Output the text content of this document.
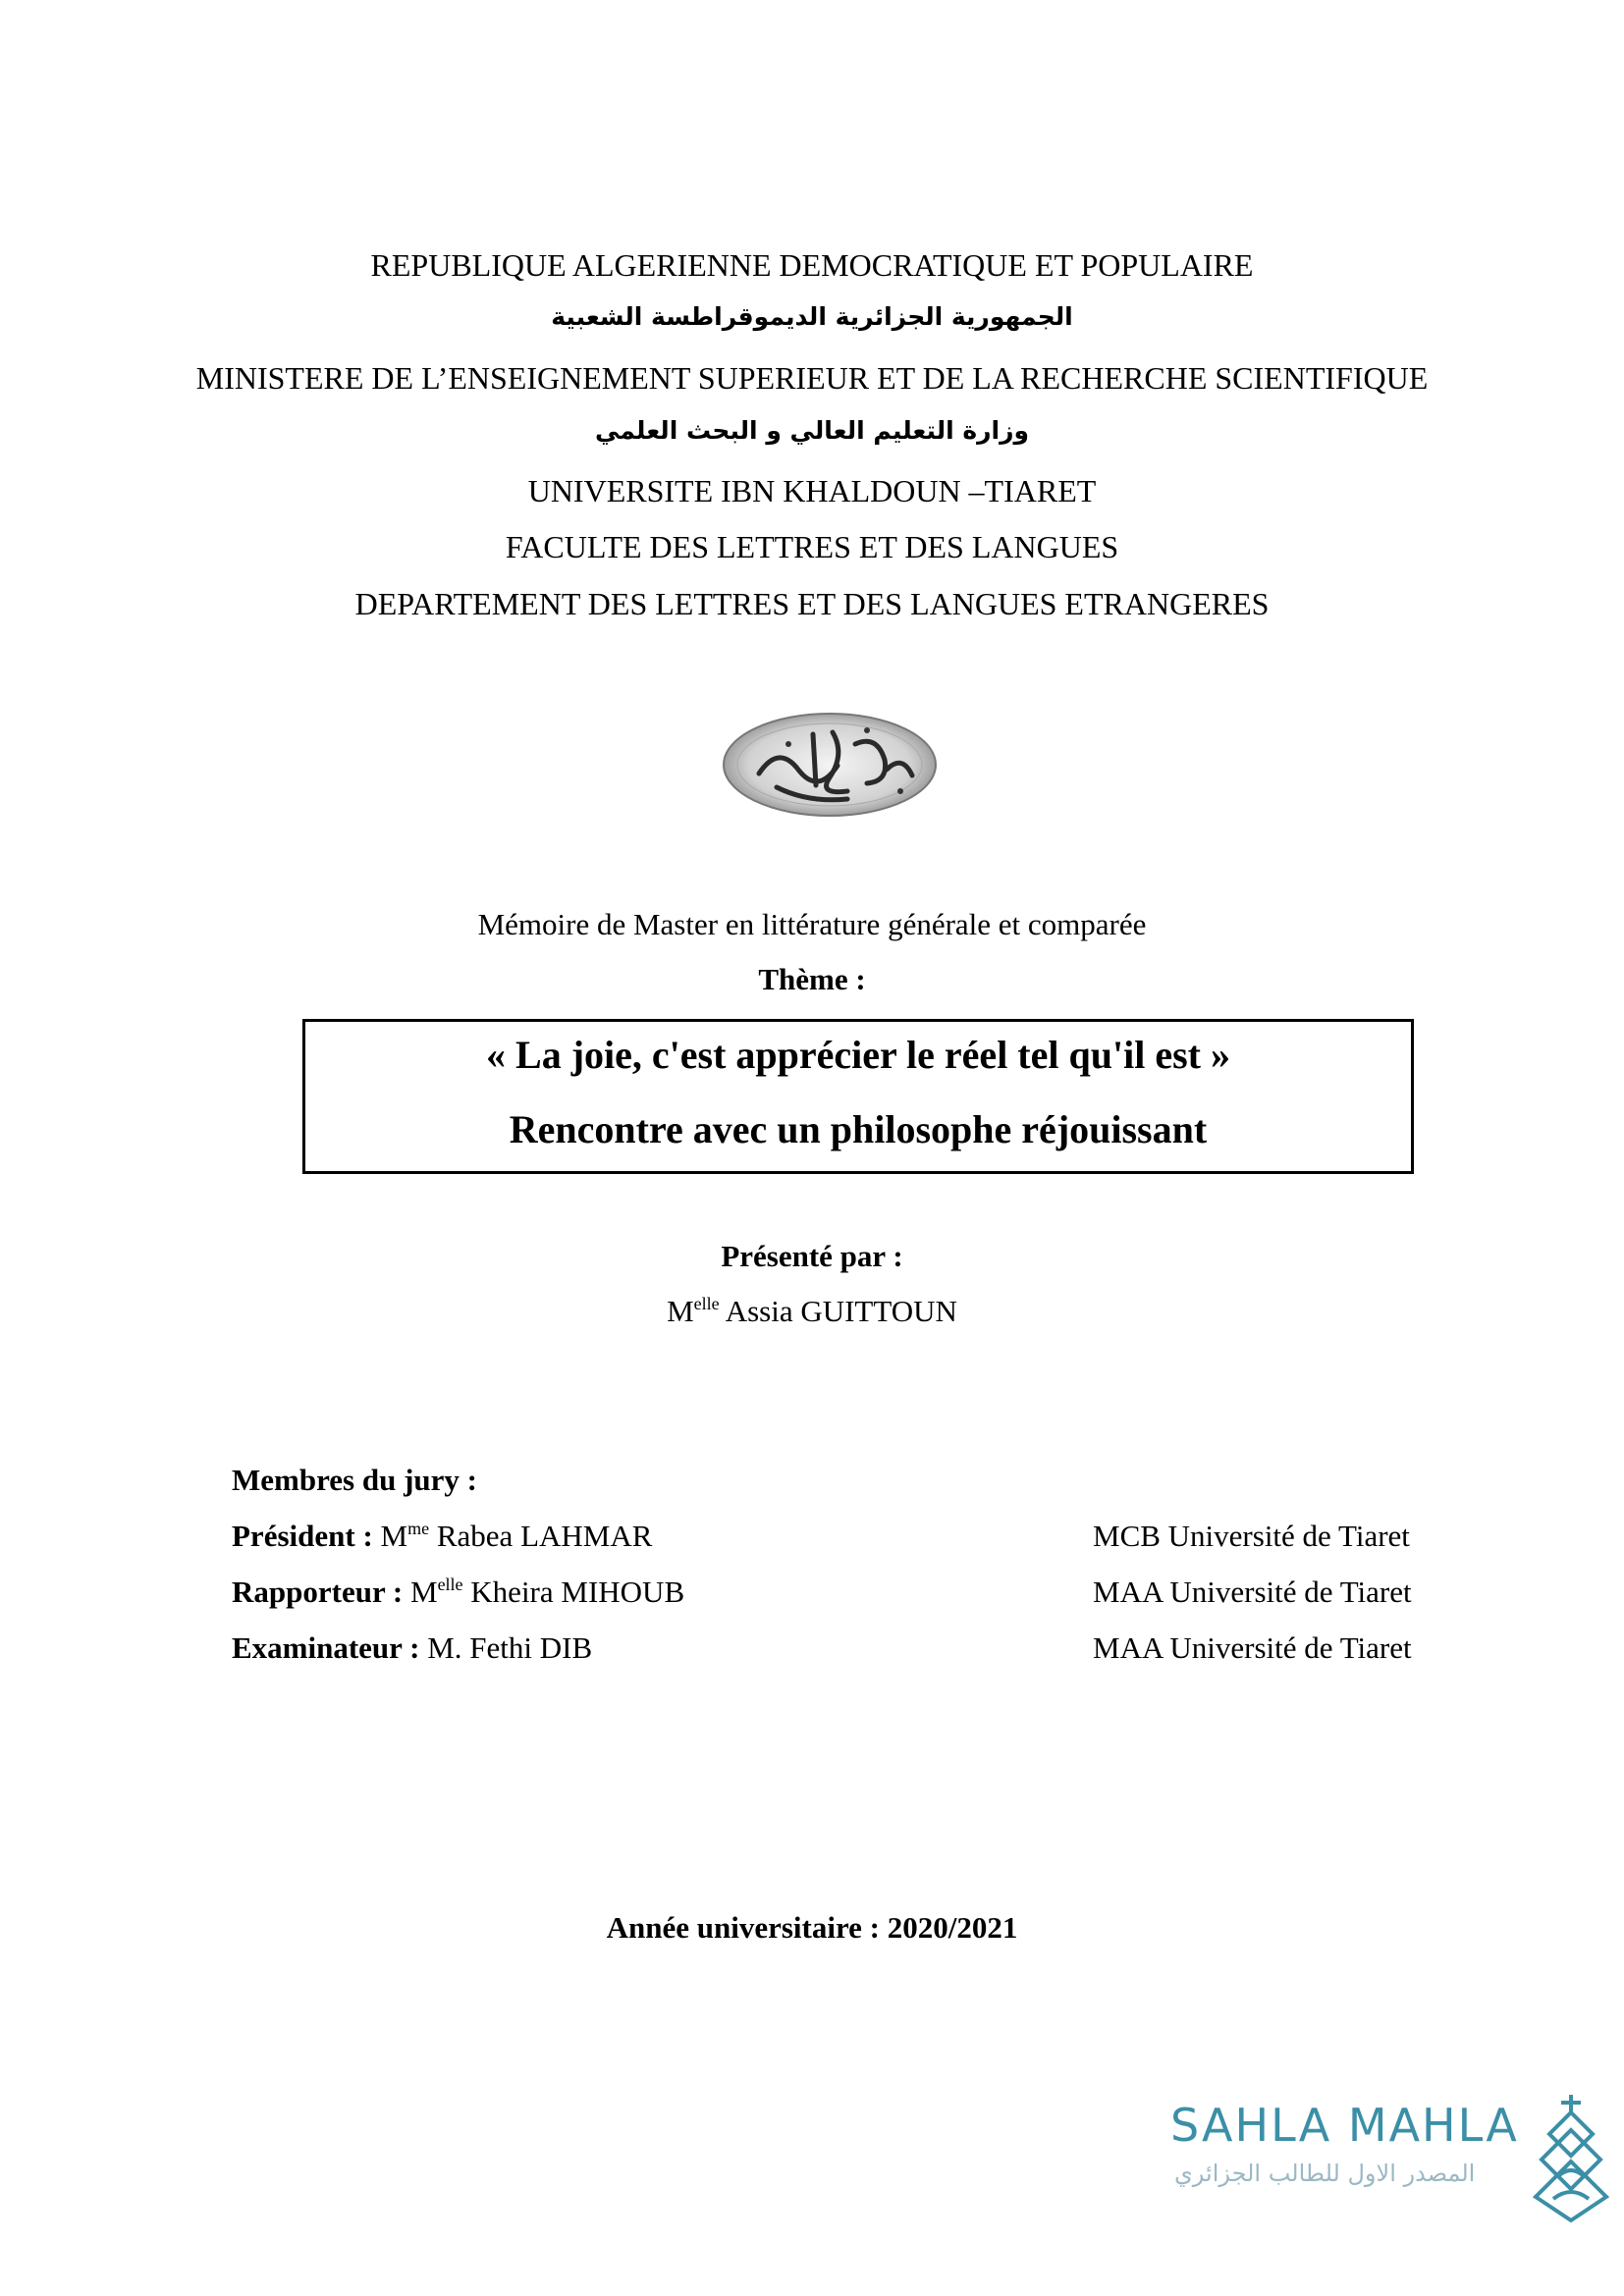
REPUBLIQUE ALGERIENNE DEMOCRATIQUE ET POPULAIRE
الجمهورية الجزائرية الديموقراطسة الشعبية
MINISTERE DE L’ENSEIGNEMENT SUPERIEUR ET DE LA RECHERCHE SCIENTIFIQUE
وزارة التعليم العالي و البحث العلمي
UNIVERSITE IBN KHALDOUN –TIARET
FACULTE DES LETTRES ET DES LANGUES
DEPARTEMENT DES LETTRES ET DES LANGUES ETRANGERES
Mémoire de Master en littérature générale et comparée
Thème :
« La joie, c'est apprécier le réel tel qu'il est »
Rencontre avec un philosophe réjouissant
Présenté par :
$M^{elle}$ Assia GUITTOUN
Membres du jury :
Président : $M^{me}$ Rabea LAHMAR	MCB Université de Tiaret
Rapporteur : $M^{elle}$ Kheira MIHOUB	MAA Université de Tiaret
Examinateur : M. Fethi DIB	MAA Université de Tiaret
Année universitaire : 2020/2021
SAHLA MAHLA
المصدر الاول للطالب الجزائري
